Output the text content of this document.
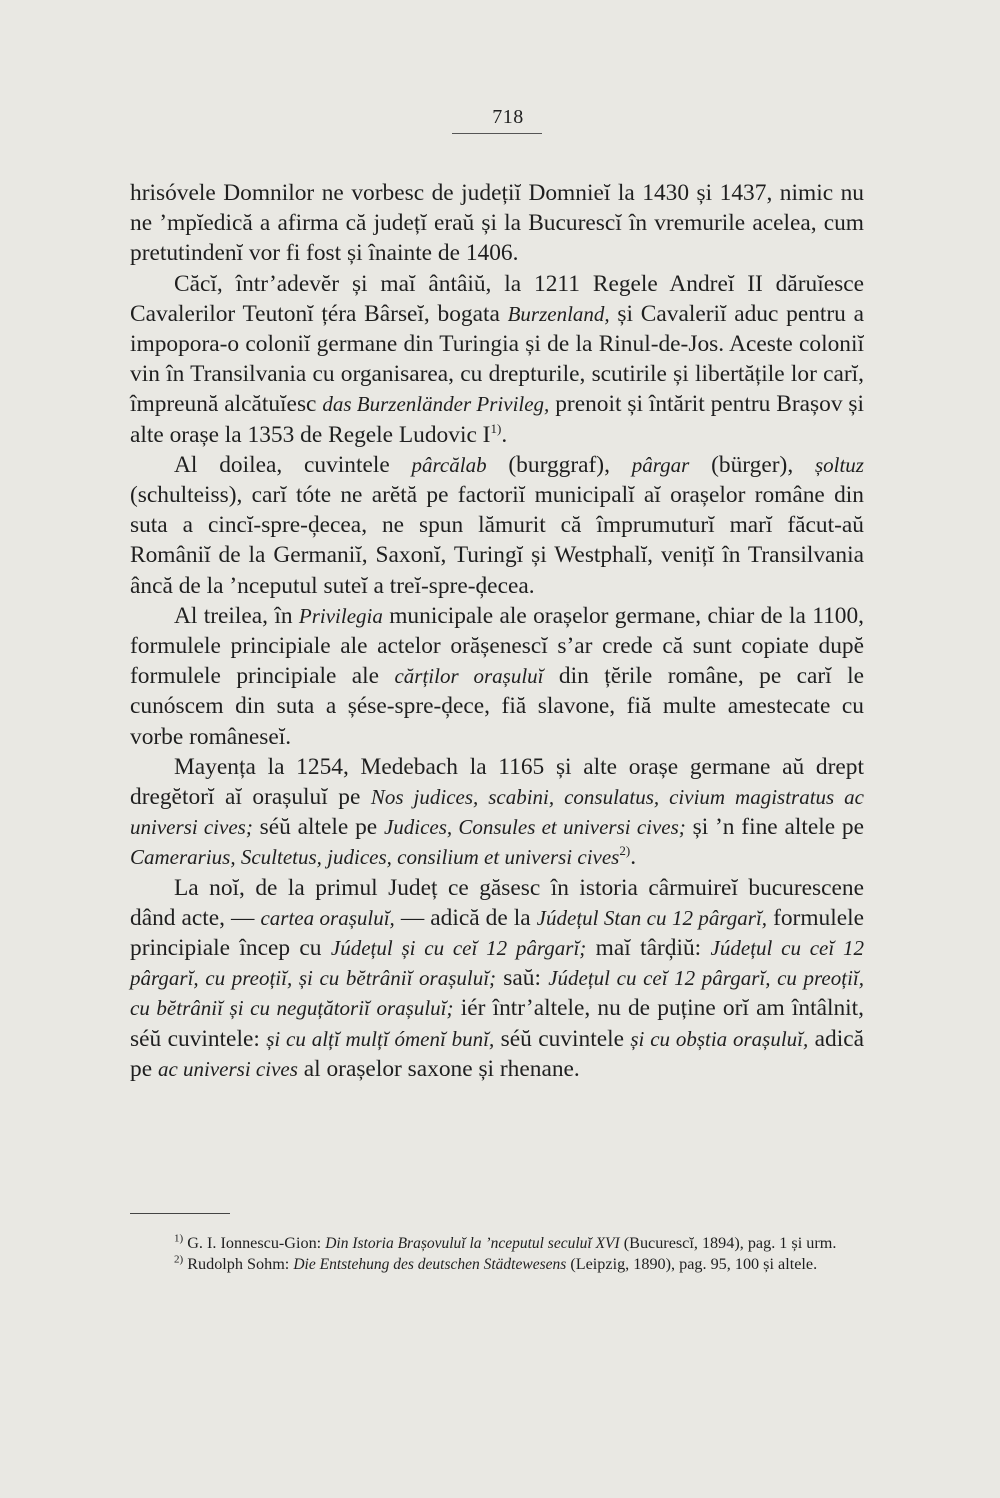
718

hrisóvele Domnilor ne vorbesc de județiĭ Domnieĭ la 1430 și 1437, nimic nu ne ’mpĭedică a afirma că județĭ eraŭ și la Bucurescĭ în vremurile acelea, cum pretutindenĭ vor fi fost și înainte de 1406.

Căcĭ, într’adevĕr și maĭ ântâiŭ, la 1211 Regele Andreĭ II dăruĭesce Cavalerilor Teutonĭ țéra Bârseĭ, bogata Burzenland, și Cavaleriĭ aduc pentru a impopora-o coloniĭ germane din Turingia și de la Rinul-de-Jos. Aceste coloniĭ vin în Transilvania cu organisarea, cu drepturile, scutirile și libertățile lor carĭ, împreună alcătuĭesc das Burzenländer Privileg, prenoit și întărit pentru Brașov și alte orașe la 1353 de Regele Ludovic $I^{1)}$.

Al doilea, cuvintele pârcălab (burggraf), pârgar (bürger), șoltuz (schulteiss), carĭ tóte ne arĕtă pe factoriĭ municipalĭ aĭ orașelor române din suta a cincĭ-spre-ḑecea, ne spun lămurit că împrumuturĭ marĭ făcut-aŭ Româniĭ de la Germaniĭ, Saxonĭ, Turingĭ și Westphalĭ, venițĭ în Transilvania âncă de la ’nceputul suteĭ a treĭ-spre-ḑecea.

Al treilea, în Privilegia municipale ale orașelor germane, chiar de la 1100, formulele principiale ale actelor orășenescĭ s’ar crede că sunt copiate dupĕ formulele principiale ale cărților orașuluĭ din țĕrile române, pe carĭ le cunóscem din suta a șése-spre-ḑece, fiă slavone, fiă multe amestecate cu vorbe româneseĭ.

Mayența la 1254, Medebach la 1165 și alte orașe germane aŭ drept dregĕtorĭ aĭ orașuluĭ pe Nos judices, scabini, consulatus, civium magistratus ac universi cives; séŭ altele pe Judices, Consules et universi cives; și ’n fine altele pe Camerarius, Scultetus, judices, consilium et universi cives$^{2)}$.

La noĭ, de la primul Județ ce găsesc în istoria cârmuireĭ bucurescene dând acte, — cartea orașuluĭ, — adică de la Júdețul Stan cu 12 pârgarĭ, formulele principiale încep cu Júdețul și cu ceĭ 12 pârgarĭ; maĭ târḑiŭ: Júdețul cu ceĭ 12 pârgarĭ, cu preoțiĭ, și cu bĕtrâniĭ orașuluĭ; saŭ: Júdețul cu ceĭ 12 pârgarĭ, cu preoțiĭ, cu bĕtrâniĭ și cu neguțătoriĭ orașuluĭ; iér într’altele, nu de puține orĭ am întâlnit, séŭ cuvintele: și cu alțĭ mulțĭ ómenĭ bunĭ, séŭ cuvintele și cu obștia orașuluĭ, adică pe ac universi cives al orașelor saxone și rhenane.

$^{1)}$ G. I. Ionnescu-Gion: Din Istoria Brașovuluĭ la ’nceputul seculuĭ XVI (Bucurescĭ, 1894), pag. 1 și urm.

$^{2)}$ Rudolph Sohm: Die Entstehung des deutschen Städtewesens (Leipzig, 1890), pag. 95, 100 și altele.
